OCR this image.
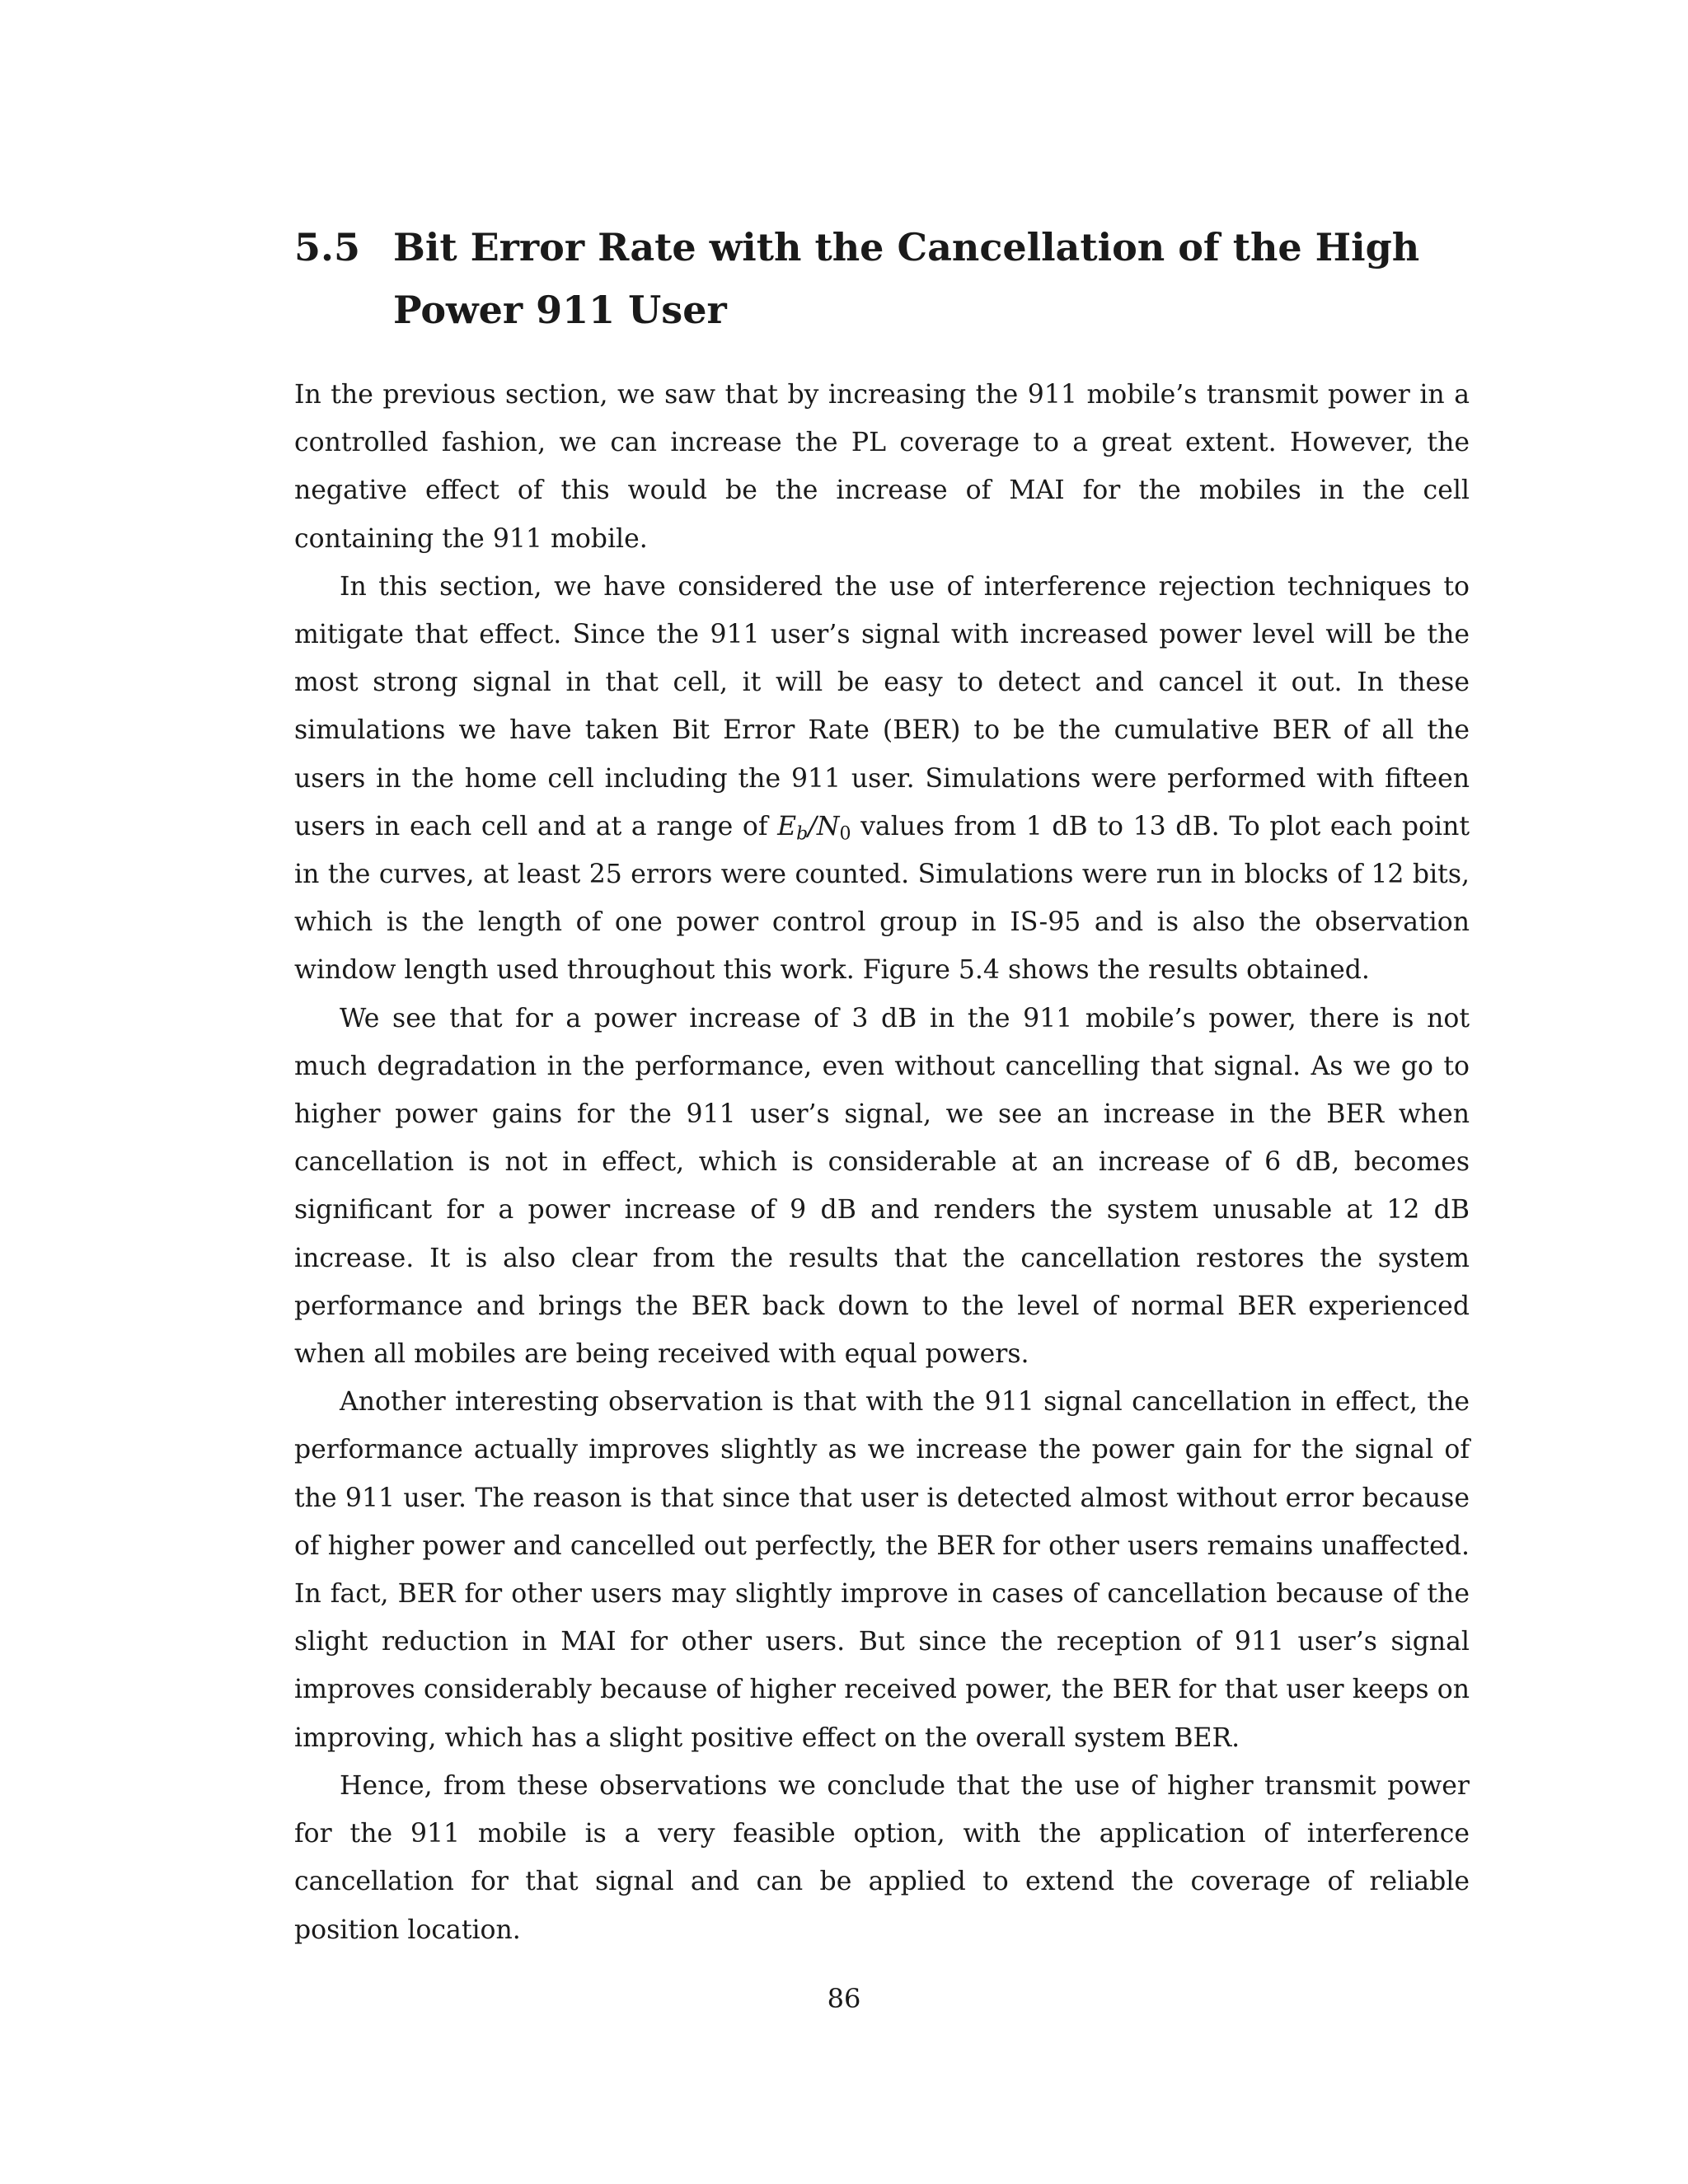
5.5 Bit Error Rate with the Cancellation of the High Power 911 User

In the previous section, we saw that by increasing the 911 mobile’s transmit power in a controlled fashion, we can increase the PL coverage to a great extent. However, the negative effect of this would be the increase of MAI for the mobiles in the cell containing the 911 mobile.

In this section, we have considered the use of interference rejection techniques to mitigate that effect. Since the 911 user’s signal with increased power level will be the most strong signal in that cell, it will be easy to detect and cancel it out. In these simulations we have taken Bit Error Rate (BER) to be the cumulative BER of all the users in the home cell including the 911 user. Simulations were performed with fifteen users in each cell and at a range of $E_b/N_0$ values from 1 dB to 13 dB. To plot each point in the curves, at least 25 errors were counted. Simulations were run in blocks of 12 bits, which is the length of one power control group in IS-95 and is also the observation window length used throughout this work. Figure 5.4 shows the results obtained.

We see that for a power increase of 3 dB in the 911 mobile’s power, there is not much degradation in the performance, even without cancelling that signal. As we go to higher power gains for the 911 user’s signal, we see an increase in the BER when cancellation is not in effect, which is considerable at an increase of 6 dB, becomes significant for a power increase of 9 dB and renders the system unusable at 12 dB increase. It is also clear from the results that the cancellation restores the system performance and brings the BER back down to the level of normal BER experienced when all mobiles are being received with equal powers.

Another interesting observation is that with the 911 signal cancellation in effect, the performance actually improves slightly as we increase the power gain for the signal of the 911 user. The reason is that since that user is detected almost without error because of higher power and cancelled out perfectly, the BER for other users remains unaffected. In fact, BER for other users may slightly improve in cases of cancellation because of the slight reduction in MAI for other users. But since the reception of 911 user’s signal improves considerably because of higher received power, the BER for that user keeps on improving, which has a slight positive effect on the overall system BER.

Hence, from these observations we conclude that the use of higher transmit power for the 911 mobile is a very feasible option, with the application of interference cancellation for that signal and can be applied to extend the coverage of reliable position location.

86
